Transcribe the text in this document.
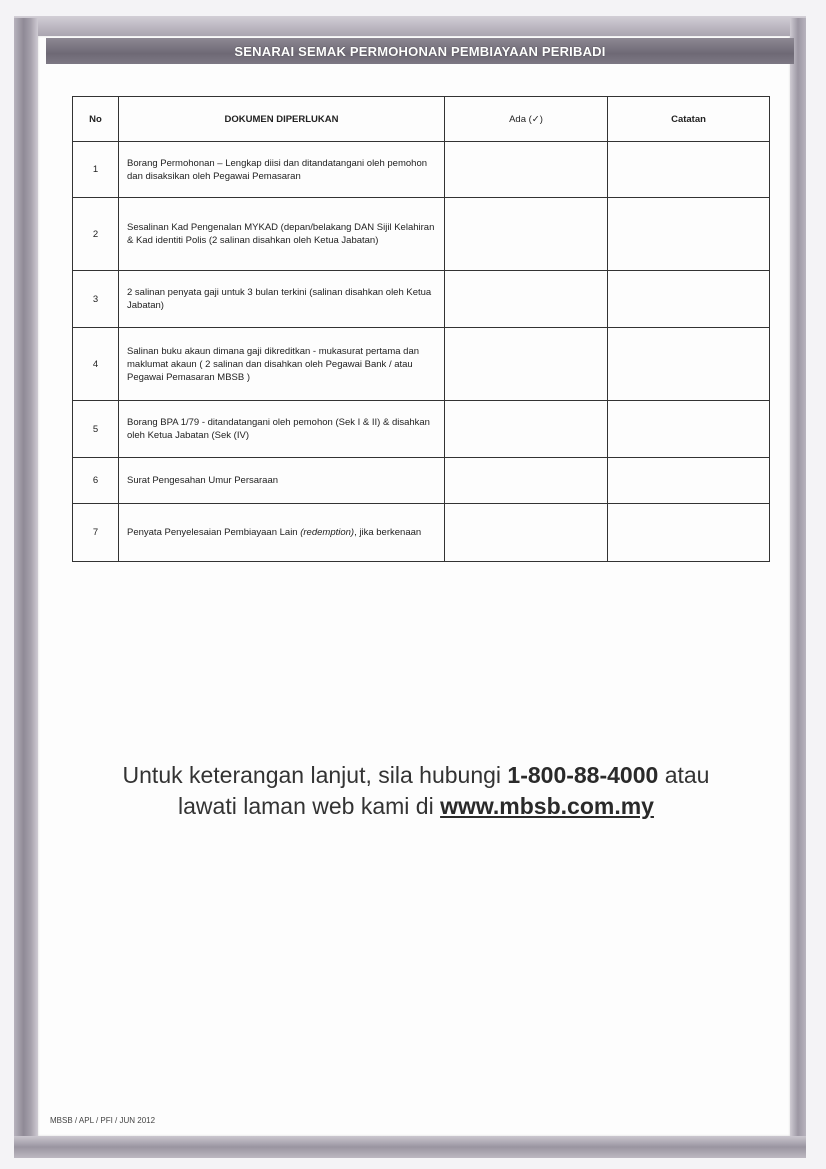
SENARAI SEMAK PERMOHONAN PEMBIAYAAN PERIBADI
No	DOKUMEN DIPERLUKAN	Ada (✓)	Catatan
1	Borang Permohonan – Lengkap diisi dan ditandatangani oleh pemohon dan disaksikan oleh Pegawai Pemasaran		
2	Sesalinan Kad Pengenalan MYKAD (depan/belakang DAN Sijil Kelahiran & Kad identiti Polis (2 salinan disahkan oleh Ketua Jabatan)		
3	2 salinan penyata gaji untuk 3 bulan terkini (salinan disahkan oleh Ketua Jabatan)		
4	Salinan buku akaun dimana gaji dikreditkan - mukasurat pertama dan maklumat akaun ( 2 salinan dan disahkan oleh Pegawai Bank / atau Pegawai Pemasaran MBSB )		
5	Borang BPA 1/79 - ditandatangani oleh pemohon (Sek I & II) & disahkan oleh Ketua Jabatan (Sek (IV)		
6	Surat Pengesahan Umur Persaraan		
7	Penyata Penyelesaian Pembiayaan Lain (redemption), jika berkenaan		
Untuk keterangan lanjut, sila hubungi 1-800-88-4000 atau
lawati laman web kami di www.mbsb.com.my
MBSB / APL / PFI / JUN 2012
